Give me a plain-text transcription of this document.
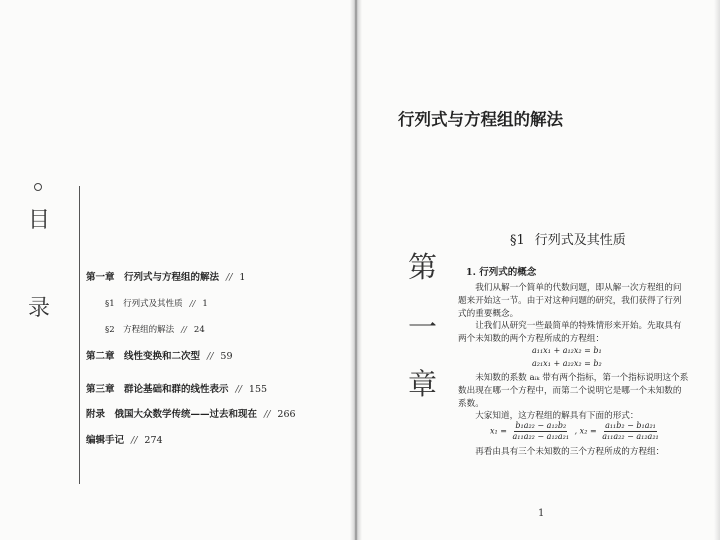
目
录
第一章　行列式与方程组的解法 // 1
§1　行列式及其性质 // 1
§2　方程组的解法 // 24
第二章　线性变换和二次型 // 59
第三章　群论基础和群的线性表示 // 155
附录　俄国大众数学传统——过去和现在 // 266
编辑手记 // 274
行列式与方程组的解法
第
一
章
§1 行列式及其性质
1. 行列式的概念
我们从解一个简单的代数问题，即从解一次方程组的问题来开始这一节。由于对这种问题的研究，我们获得了行列式的重要概念。
让我们从研究一些最简单的特殊情形来开始。先取具有两个未知数的两个方程所成的方程组：
a₁₁x₁ + a₁₂x₂ = b₁
a₂₁x₁ + a₂₂x₂ = b₂
未知数的系数 aᵢₖ 带有两个指标，第一个指标说明这个系数出现在哪一个方程中，而第二个说明它是哪一个未知数的系数。
大家知道，这方程组的解具有下面的形式：
$x_1 = \frac{\text{b₁a₂₂ − a₁₂b₂}}{\text{a₁₁a₂₂ − a₁₂a₂₁}}$ , $x_2 = \frac{\text{a₁₁b₂ − b₁a₂₁}}{\text{a₁₁a₂₂ − a₁₂a₂₁}}$
再看由具有三个未知数的三个方程所成的方程组：
1
